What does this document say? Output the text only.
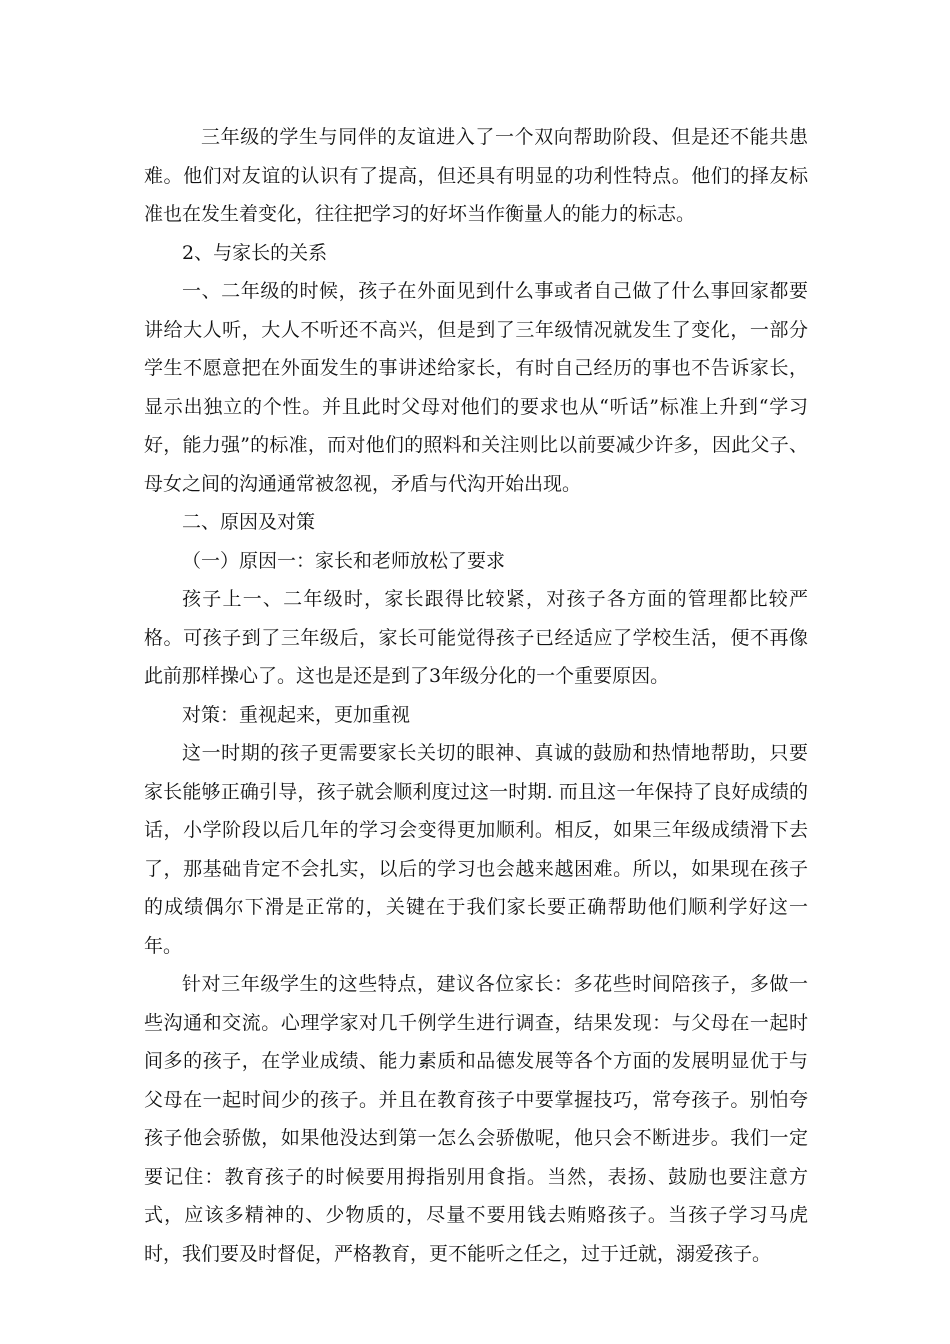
三年级的学生与同伴的友谊进入了一个双向帮助阶段、但是还不能共患难。他们对友谊的认识有了提高，但还具有明显的功利性特点。他们的择友标准也在发生着变化，往往把学习的好坏当作衡量人的能力的标志。

2、与家长的关系

一、二年级的时候，孩子在外面见到什么事或者自己做了什么事回家都要讲给大人听，大人不听还不高兴，但是到了三年级情况就发生了变化，一部分学生不愿意把在外面发生的事讲述给家长，有时自己经历的事也不告诉家长，显示出独立的个性。并且此时父母对他们的要求也从“听话”标准上升到“学习好，能力强”的标准，而对他们的照料和关注则比以前要减少许多，因此父子、母女之间的沟通通常被忽视，矛盾与代沟开始出现。

二、原因及对策

（一）原因一：家长和老师放松了要求

孩子上一、二年级时，家长跟得比较紧，对孩子各方面的管理都比较严格。可孩子到了三年级后，家长可能觉得孩子已经适应了学校生活，便不再像此前那样操心了。这也是还是到了3年级分化的一个重要原因。

对策：重视起来，更加重视

这一时期的孩子更需要家长关切的眼神、真诚的鼓励和热情地帮助，只要家长能够正确引导，孩子就会顺利度过这一时期. 而且这一年保持了良好成绩的话，小学阶段以后几年的学习会变得更加顺利。相反，如果三年级成绩滑下去了，那基础肯定不会扎实，以后的学习也会越来越困难。所以，如果现在孩子的成绩偶尔下滑是正常的，关键在于我们家长要正确帮助他们顺利学好这一年。

针对三年级学生的这些特点，建议各位家长：多花些时间陪孩子，多做一些沟通和交流。心理学家对几千例学生进行调查，结果发现：与父母在一起时间多的孩子，在学业成绩、能力素质和品德发展等各个方面的发展明显优于与父母在一起时间少的孩子。并且在教育孩子中要掌握技巧，常夸孩子。别怕夸孩子他会骄傲，如果他没达到第一怎么会骄傲呢，他只会不断进步。我们一定要记住：教育孩子的时候要用拇指别用食指。当然，表扬、鼓励也要注意方式，应该多精神的、少物质的，尽量不要用钱去贿赂孩子。当孩子学习马虎时，我们要及时督促，严格教育，更不能听之任之，过于迁就，溺爱孩子。
